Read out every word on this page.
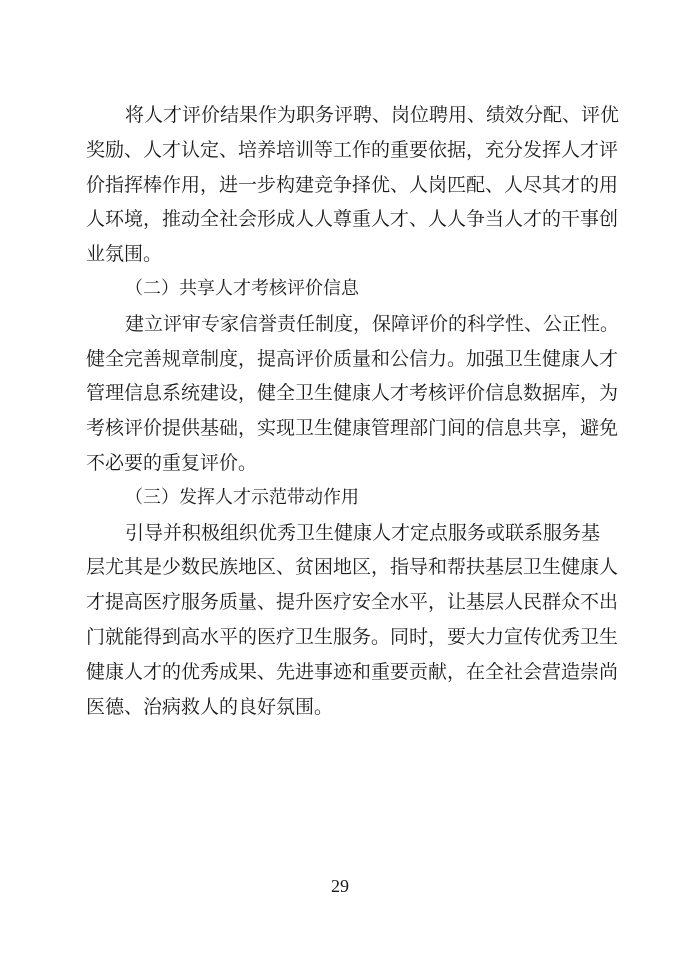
将人才评价结果作为职务评聘、岗位聘用、绩效分配、评优
奖励、人才认定、培养培训等工作的重要依据，充分发挥人才评
价指挥棒作用，进一步构建竞争择优、人岗匹配、人尽其才的用
人环境，推动全社会形成人人尊重人才、人人争当人才的干事创
业氛围。
（二）共享人才考核评价信息
建立评审专家信誉责任制度，保障评价的科学性、公正性。
健全完善规章制度，提高评价质量和公信力。加强卫生健康人才
管理信息系统建设，健全卫生健康人才考核评价信息数据库，为
考核评价提供基础，实现卫生健康管理部门间的信息共享，避免
不必要的重复评价。
（三）发挥人才示范带动作用
引导并积极组织优秀卫生健康人才定点服务或联系服务基
层尤其是少数民族地区、贫困地区，指导和帮扶基层卫生健康人
才提高医疗服务质量、提升医疗安全水平，让基层人民群众不出
门就能得到高水平的医疗卫生服务。同时，要大力宣传优秀卫生
健康人才的优秀成果、先进事迹和重要贡献，在全社会营造崇尚
医德、治病救人的良好氛围。
29
